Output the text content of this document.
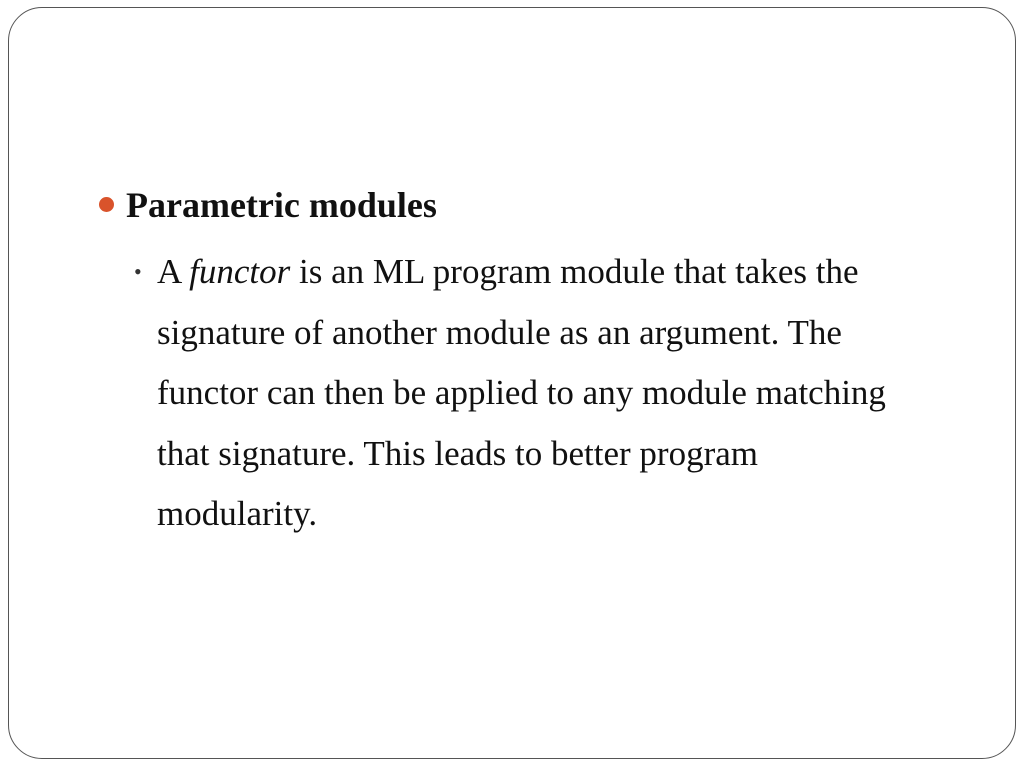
Parametric modules
• A functor is an ML program module that takes the signature of another module as an argument. The functor can then be applied to any module matching that signature. This leads to better program modularity.
